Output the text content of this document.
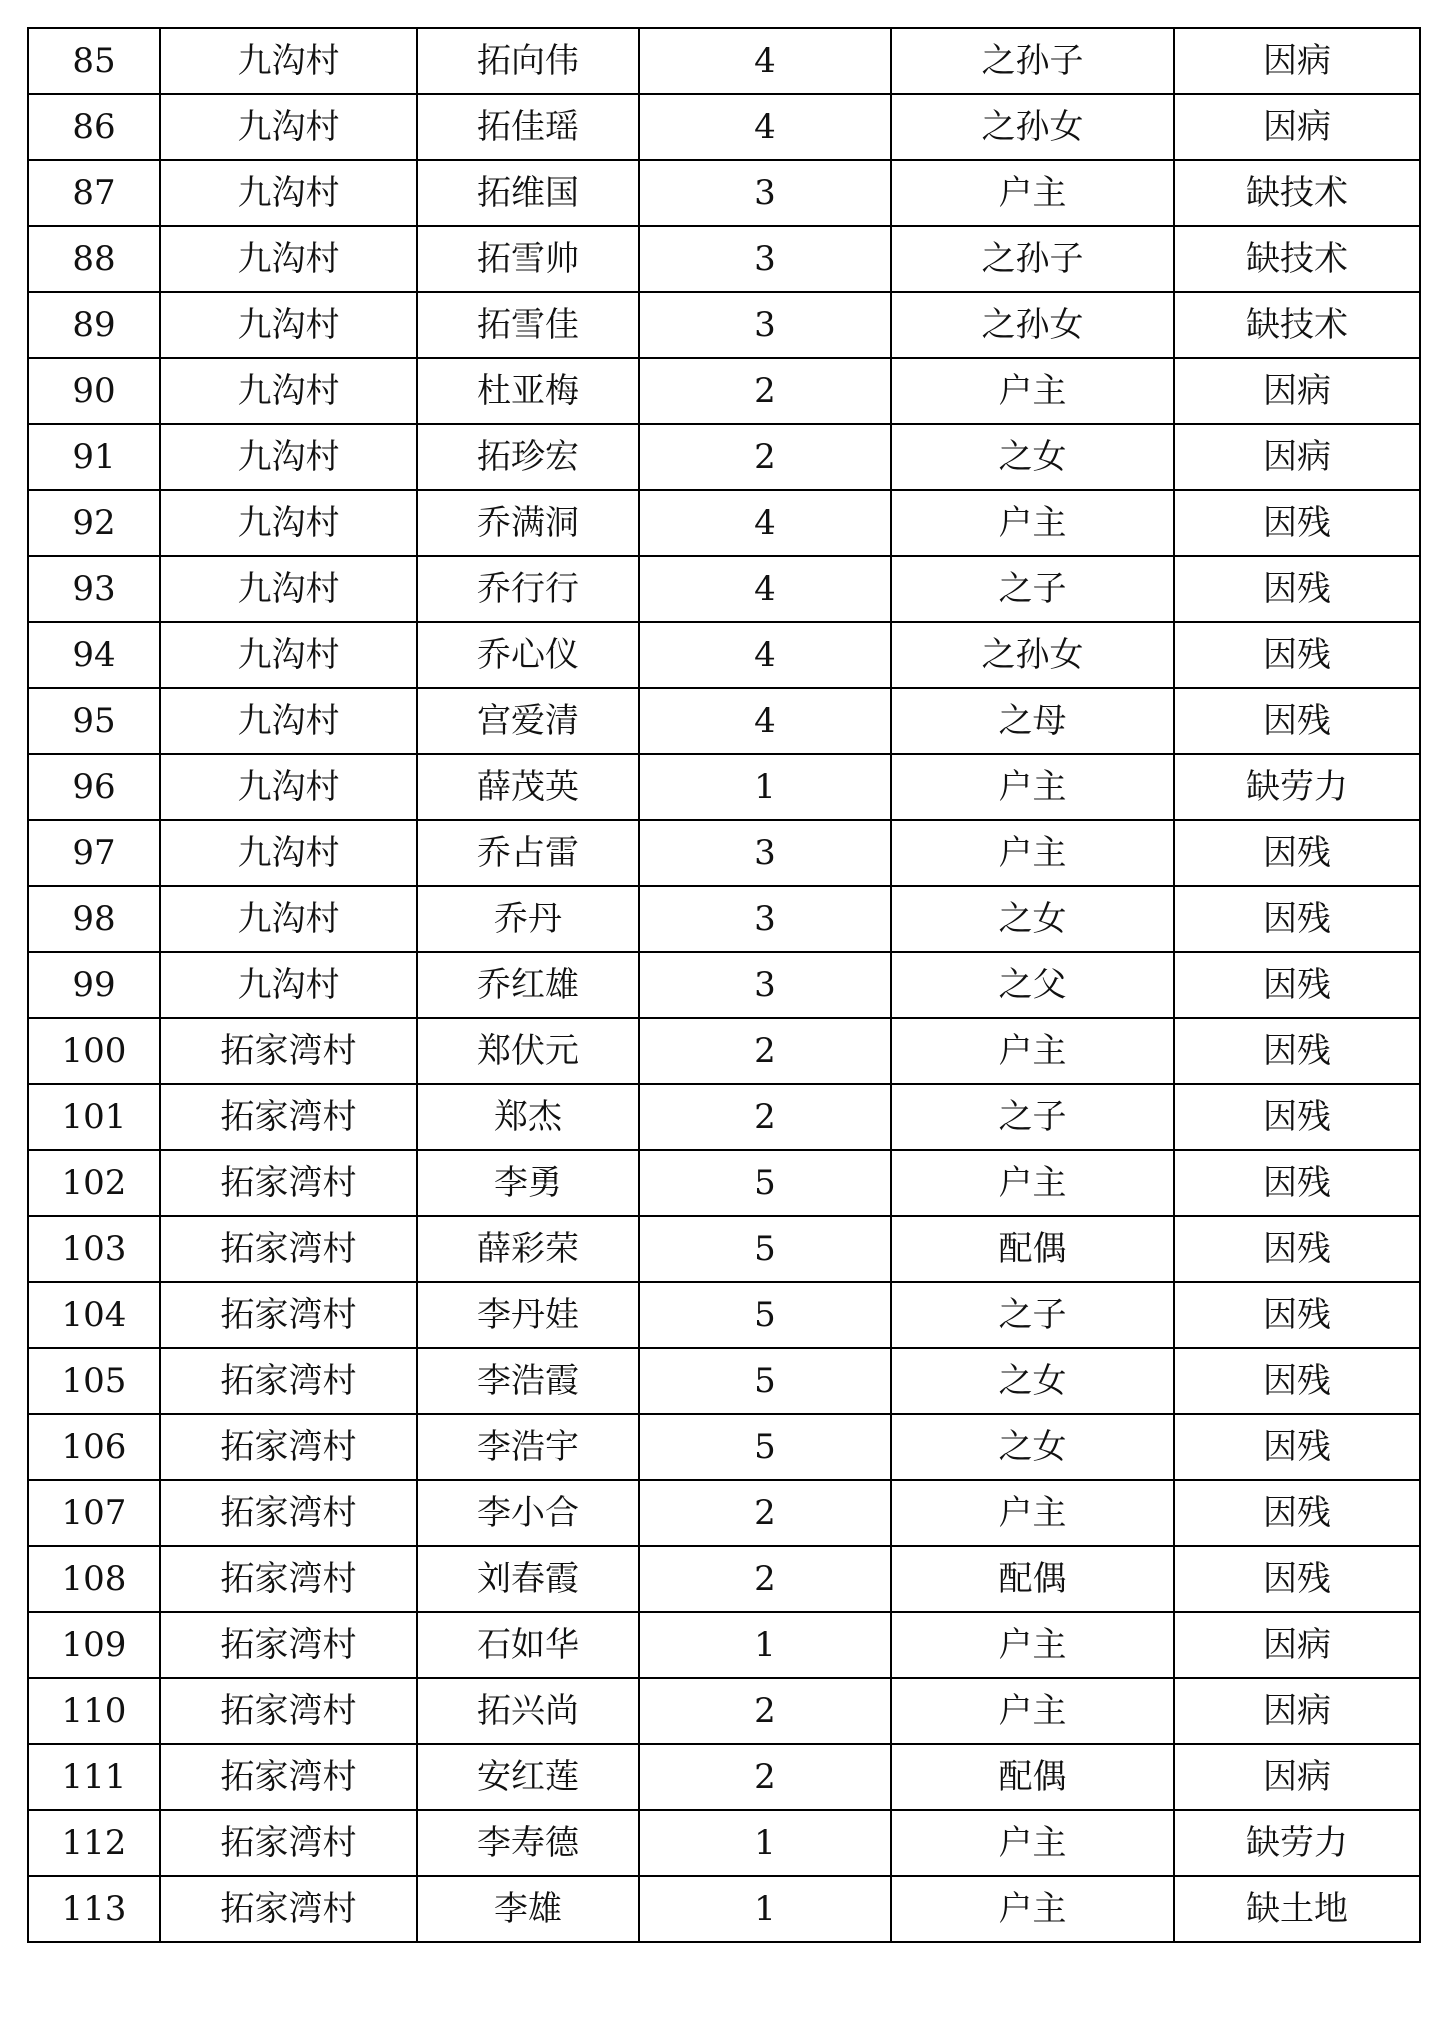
85	九沟村	拓向伟	4	之孙子	因病
86	九沟村	拓佳瑶	4	之孙女	因病
87	九沟村	拓维国	3	户主	缺技术
88	九沟村	拓雪帅	3	之孙子	缺技术
89	九沟村	拓雪佳	3	之孙女	缺技术
90	九沟村	杜亚梅	2	户主	因病
91	九沟村	拓珍宏	2	之女	因病
92	九沟村	乔满洞	4	户主	因残
93	九沟村	乔行行	4	之子	因残
94	九沟村	乔心仪	4	之孙女	因残
95	九沟村	宫爱清	4	之母	因残
96	九沟村	薛茂英	1	户主	缺劳力
97	九沟村	乔占雷	3	户主	因残
98	九沟村	乔丹	3	之女	因残
99	九沟村	乔红雄	3	之父	因残
100	拓家湾村	郑伏元	2	户主	因残
101	拓家湾村	郑杰	2	之子	因残
102	拓家湾村	李勇	5	户主	因残
103	拓家湾村	薛彩荣	5	配偶	因残
104	拓家湾村	李丹娃	5	之子	因残
105	拓家湾村	李浩霞	5	之女	因残
106	拓家湾村	李浩宇	5	之女	因残
107	拓家湾村	李小合	2	户主	因残
108	拓家湾村	刘春霞	2	配偶	因残
109	拓家湾村	石如华	1	户主	因病
110	拓家湾村	拓兴尚	2	户主	因病
111	拓家湾村	安红莲	2	配偶	因病
112	拓家湾村	李寿德	1	户主	缺劳力
113	拓家湾村	李雄	1	户主	缺土地
